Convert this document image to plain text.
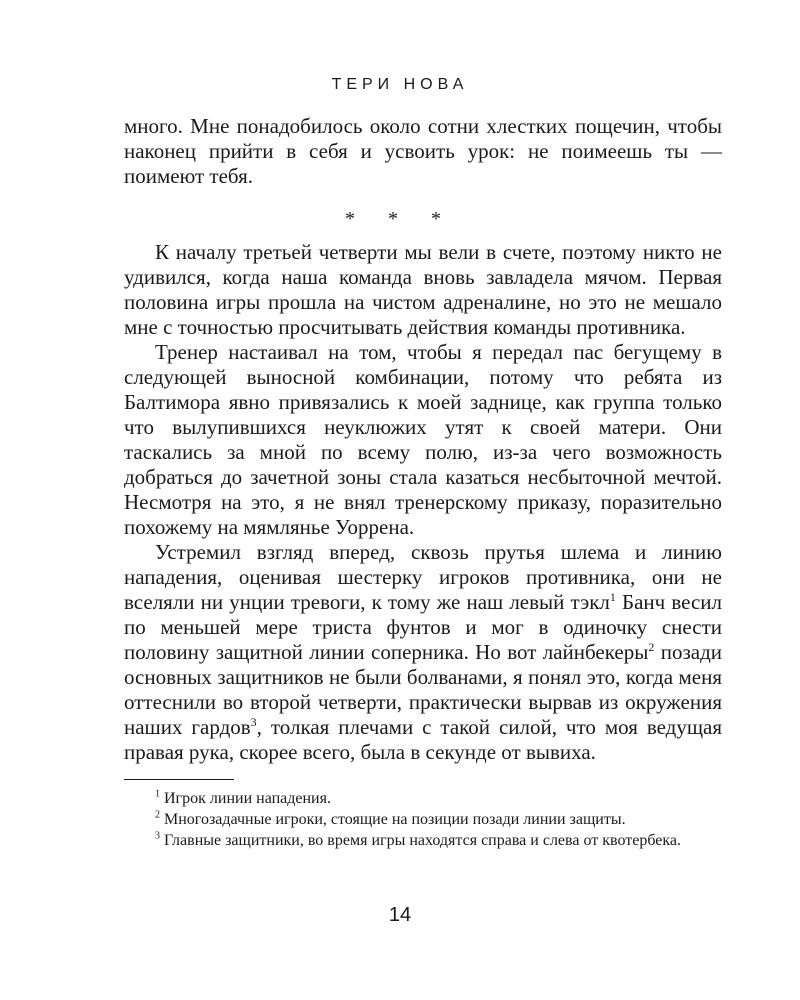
ТЕРИ НОВА

много. Мне понадобилось около сотни хлестких пощечин, чтобы наконец прийти в себя и усвоить урок: не поимеешь ты — поимеют тебя.

* * *

К началу третьей четверти мы вели в счете, поэтому никто не удивился, когда наша команда вновь завладела мячом. Первая половина игры прошла на чистом адреналине, но это не мешало мне с точностью просчитывать действия команды противника.

Тренер настаивал на том, чтобы я передал пас бегущему в следующей выносной комбинации, потому что ребята из Балтимора явно привязались к моей заднице, как группа только что вылупившихся неуклюжих утят к своей матери. Они таскались за мной по всему полю, из-за чего возможность добраться до зачетной зоны стала казаться несбыточной мечтой. Несмотря на это, я не внял тренерскому приказу, поразительно похожему на мямлянье Уоррена.

Устремил взгляд вперед, сквозь прутья шлема и линию нападения, оценивая шестерку игроков противника, они не вселяли ни унции тревоги, к тому же наш левый тэкл$^1$ Банч весил по меньшей мере триста фунтов и мог в одиночку снести половину защитной линии соперника. Но вот лайнбекеры$^2$ позади основных защитников не были болванами, я понял это, когда меня оттеснили во второй четверти, практически вырвав из окружения наших гардов$^3$, толкая плечами с такой силой, что моя ведущая правая рука, скорее всего, была в секунде от вывиха.

$^1$ Игрок линии нападения.

$^2$ Многозадачные игроки, стоящие на позиции позади линии защиты.

$^3$ Главные защитники, во время игры находятся справа и слева от квотербека.

14
